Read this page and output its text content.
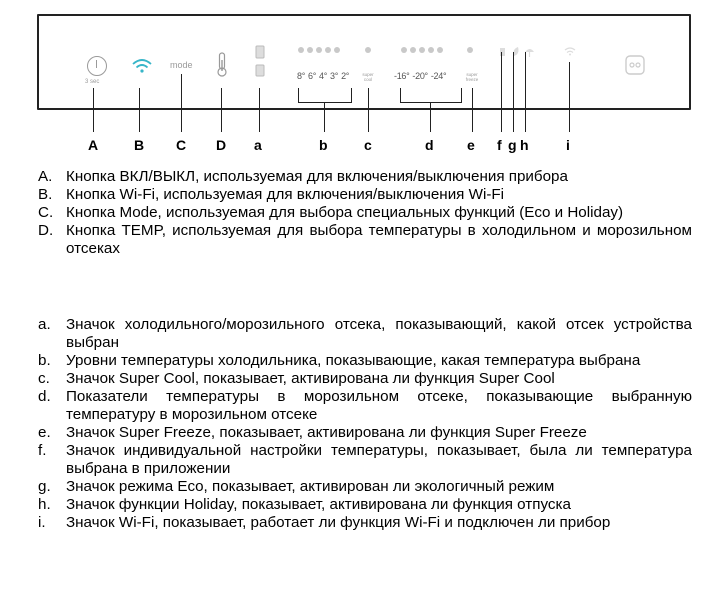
3 sec
mode
8° 6° 4° 3° 2°	super cool	-16° -20° -24°	super freeze
A	B C D a	b	c	d e f g h	i
A. Кнопка ВКЛ/ВЫКЛ, используемая для включения/выключения прибора
B. Кнопка Wi-Fi, используемая для включения/выключения Wi-Fi
C. Кнопка Mode, используемая для выбора специальных функций (Eco и Holiday)
D. Кнопка TEMP, используемая для выбора температуры в холодильном и морозильном отсеках
a.	Значок холодильного/морозильного отсека, показывающий, какой отсек устройства выбран
b.	Уровни температуры холодильника, показывающие, какая температура выбрана
c.	Значок Super Cool, показывает, активирована ли функция Super Cool
d.	Показатели температуры в морозильном отсеке, показывающие выбранную температуру в морозильном отсеке
e.	Значок Super Freeze, показывает, активирована ли функция Super Freeze
f.	Значок индивидуальной настройки температуры, показывает, была ли температура выбрана в приложении
g.	Значок режима Eco, показывает, активирован ли экологичный режим
h.	Значок функции Holiday, показывает, активирована ли функция отпуска
i.	Значок Wi-Fi, показывает, работает ли функция Wi-Fi и подключен ли прибор
